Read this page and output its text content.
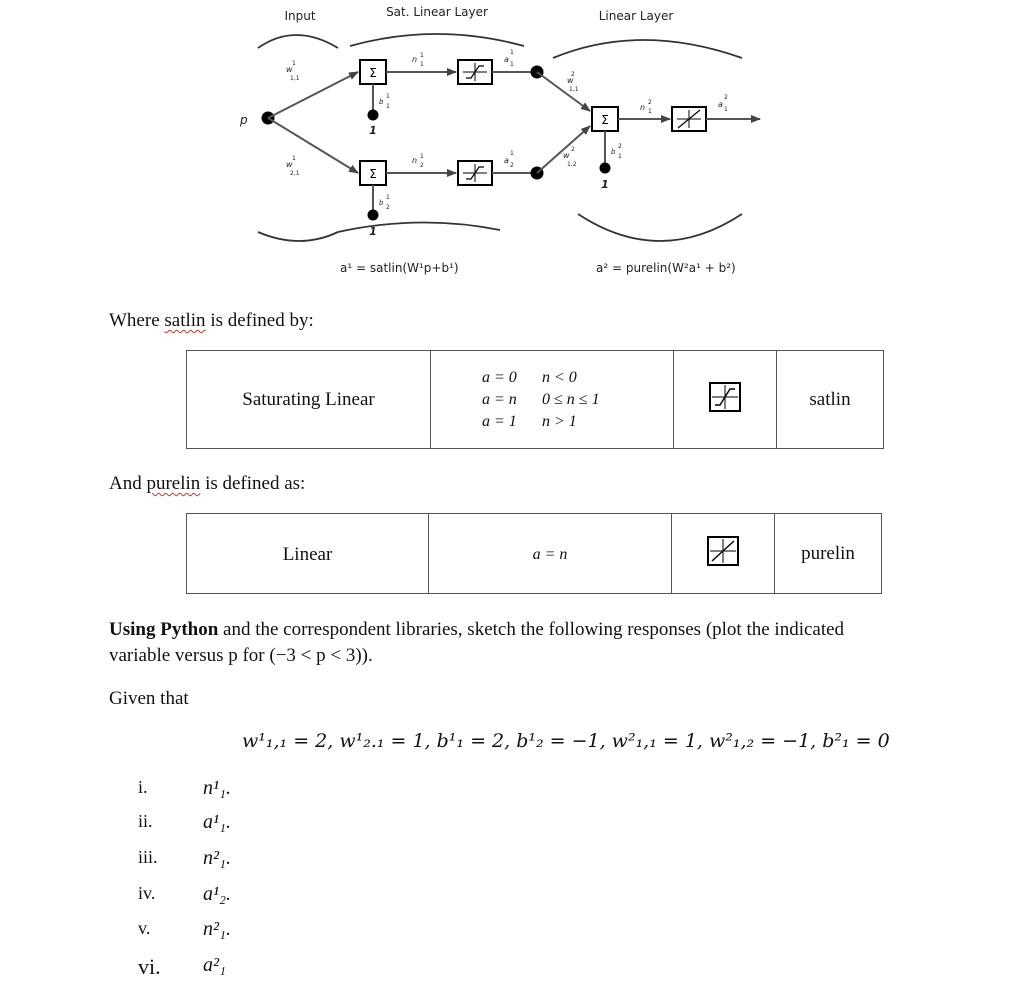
Input	Sat. Linear Layer	Linear Layer
p
w
1
1,1
w
1
2,1
Σ
n 1
1
a
1
1
b
1
1
1
Σ
n 1
2
a
1
2
b
1
2
1
w
2
1,1
w
2
1,2
Σ
n
2
1
a
2
1
b
2
1
1
a¹ = satlin(W¹p+b¹)	a² = purelin(W²a¹ + b²)
Where satlin is defined by:
Saturating Linear	
a = 0	n < 0
a = n	0 ≤ n ≤ 1
a = 1	n > 1
		satlin
And purelin is defined as:
Linear	a = n		purelin
Using Python and the correspondent libraries, sketch the following responses (plot the indicated
variable versus p for (−3 < p < 3)).
Given that
w¹₁,₁ = 2, w¹₂.₁ = 1, b¹₁ = 2, b¹₂ = −1, w²₁,₁ = 1, w²₁,₂ = −1, b²₁ = 0
i.	n¹₁.
ii.	a¹₁.
iii. n²₁.
iv. a¹₂.
v.	n²₁.
vi. a²₁
